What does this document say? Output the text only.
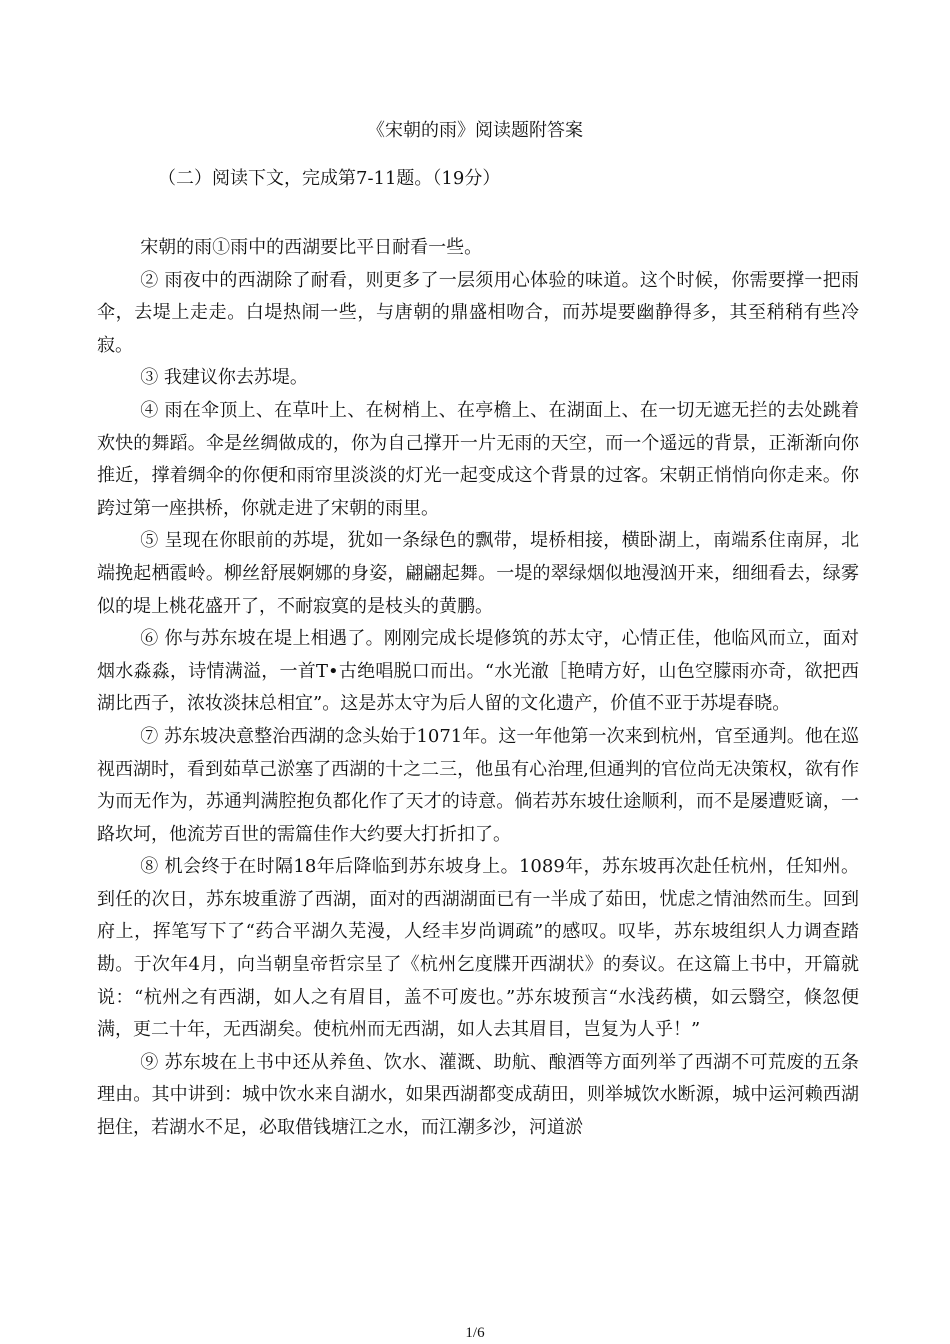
《宋朝的雨》阅读题附答案

（二）阅读下文，完成第7-11题。（19分）

宋朝的雨①雨中的西湖要比平日耐看一些。

② 雨夜中的西湖除了耐看，则更多了一层须用心体验的味道。这个时候，你需要撑一把雨伞，去堤上走走。白堤热闹一些，与唐朝的鼎盛相吻合，而苏堤要幽静得多，其至稍稍有些冷寂。

③ 我建议你去苏堤。

④ 雨在伞顶上、在草叶上、在树梢上、在亭檐上、在湖面上、在一切无遮无拦的去处跳着欢快的舞蹈。伞是丝绸做成的，你为自己撑开一片无雨的天空，而一个遥远的背景，正渐渐向你推近，撑着绸伞的你便和雨帘里淡淡的灯光一起变成这个背景的过客。宋朝正悄悄向你走来。你跨过第一座拱桥，你就走进了宋朝的雨里。

⑤ 呈现在你眼前的苏堤，犹如一条绿色的飘带，堤桥相接，横卧湖上，南端系住南屏，北端挽起栖霞岭。柳丝舒展婀娜的身姿，翩翩起舞。一堤的翠绿烟似地漫汹开来，细细看去，绿雾似的堤上桃花盛开了，不耐寂寞的是枝头的黄鹏。

⑥ 你与苏东坡在堤上相遇了。刚刚完成长堤修筑的苏太守，心情正佳，他临风而立，面对烟水淼淼，诗情满溢，一首T•古绝唱脱口而出。“水光澈［艳晴方好，山色空朦雨亦奇，欲把西湖比西子，浓妆淡抹总相宜”。这是苏太守为后人留的文化遗产，价值不亚于苏堤春晓。

⑦ 苏东坡决意整治西湖的念头始于1071年。这一年他第一次来到杭州，官至通判。他在巡视西湖时，看到茹草己淤塞了西湖的十之二三，他虽有心治理,但通判的官位尚无决策权，欲有作为而无作为，苏通判满腔抱负都化作了天才的诗意。倘若苏东坡仕途顺利，而不是屡遭贬谪，一路坎坷，他流芳百世的需篇佳作大约要大打折扣了。

⑧ 机会终于在时隔18年后降临到苏东坡身上。1089年，苏东坡再次赴任杭州，任知州。到任的次日，苏东坡重游了西湖，面对的西湖湖面已有一半成了茹田，忧虑之情油然而生。回到府上，挥笔写下了“药合平湖久芜漫，人经丰岁尚调疏”的感叹。叹毕，苏东坡组织人力调查踏勘。于次年4月，向当朝皇帝哲宗呈了《杭州乞度牒开西湖状》的奏议。在这篇上书中，开篇就说：“杭州之有西湖，如人之有眉目，盖不可废也。”苏东坡预言“水浅药横，如云翳空，倏忽便满，更二十年，无西湖矣。使杭州而无西湖，如人去其眉目，岂复为人乎！”

⑨ 苏东坡在上书中还从养鱼、饮水、灌溉、助航、酿酒等方面列举了西湖不可荒废的五条理由。其中讲到：城中饮水来自湖水，如果西湖都变成葫田，则举城饮水断源，城中运河赖西湖挹住，若湖水不足，必取借钱塘江之水，而江潮多沙，河道淤

1/6
